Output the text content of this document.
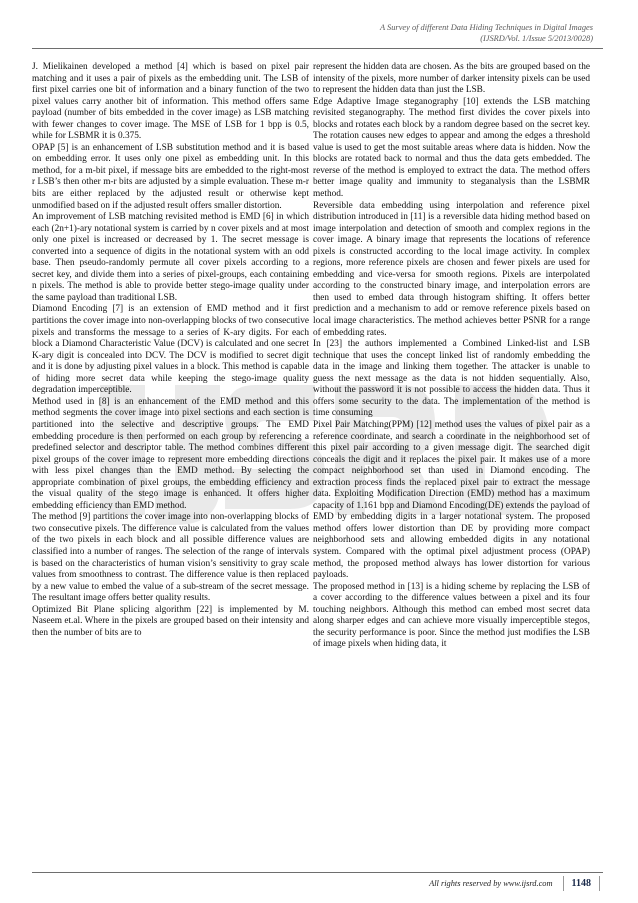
A Survey of different Data Hiding Techniques in Digital Images
(IJSRD/Vol. 1/Issue 5/2013/0028)

J. Mielikainen developed a method [4] which is based on pixel pair matching and it uses a pair of pixels as the embedding unit. The LSB of first pixel carries one bit of information and a binary function of the two pixel values carry another bit of information. This method offers same payload (number of bits embedded in the cover image) as LSB matching with fewer changes to cover image. The MSE of LSB for 1 bpp is 0.5, while for LSBMR it is 0.375.

OPAP [5] is an enhancement of LSB substitution method and it is based on embedding error. It uses only one pixel as embedding unit. In this method, for a m-bit pixel, if message bits are embedded to the right-most r LSB’s then other m-r bits are adjusted by a simple evaluation. These m-r bits are either replaced by the adjusted result or otherwise kept unmodified based on if the adjusted result offers smaller distortion.

An improvement of LSB matching revisited method is EMD [6] in which each (2n+1)-ary notational system is carried by n cover pixels and at most only one pixel is increased or decreased by 1. The secret message is converted into a sequence of digits in the notational system with an odd base. Then pseudo-randomly permute all cover pixels according to a secret key, and divide them into a series of pixel-groups, each containing n pixels. The method is able to provide better stego-image quality under the same payload than traditional LSB.

Diamond Encoding [7] is an extension of EMD method and it first partitions the cover image into non-overlapping blocks of two consecutive pixels and transforms the message to a series of K-ary digits. For each block a Diamond Characteristic Value (DCV) is calculated and one secret K-ary digit is concealed into DCV. The DCV is modified to secret digit and it is done by adjusting pixel values in a block. This method is capable of hiding more secret data while keeping the stego-image quality degradation imperceptible.

Method used in [8] is an enhancement of the EMD method and this method segments the cover image into pixel sections and each section is partitioned into the selective and descriptive groups. The EMD embedding procedure is then performed on each group by referencing a predefined selector and descriptor table. The method combines different pixel groups of the cover image to represent more embedding directions with less pixel changes than the EMD method. By selecting the appropriate combination of pixel groups, the embedding efficiency and the visual quality of the stego image is enhanced. It offers higher embedding efficiency than EMD method.

The method [9] partitions the cover image into non-overlapping blocks of two consecutive pixels. The difference value is calculated from the values of the two pixels in each block and all possible difference values are classified into a number of ranges. The selection of the range of intervals is based on the characteristics of human vision’s sensitivity to gray scale values from smoothness to contrast. The difference value is then replaced by a new value to embed the value of a sub-stream of the secret message. The resultant image offers better quality results.

Optimized Bit Plane splicing algorithm [22] is implemented by M. Naseem et.al. Where in the pixels are grouped based on their intensity and then the number of bits are to

represent the hidden data are chosen. As the bits are grouped based on the intensity of the pixels, more number of darker intensity pixels can be used to represent the hidden data than just the LSB.

Edge Adaptive Image steganography [10] extends the LSB matching revisited steganography. The method first divides the cover pixels into blocks and rotates each block by a random degree based on the secret key. The rotation causes new edges to appear and among the edges a threshold value is used to get the most suitable areas where data is hidden. Now the blocks are rotated back to normal and thus the data gets embedded. The reverse of the method is employed to extract the data. The method offers better image quality and immunity to steganalysis than the LSBMR method.

Reversible data embedding using interpolation and reference pixel distribution introduced in [11] is a reversible data hiding method based on image interpolation and detection of smooth and complex regions in the cover image. A binary image that represents the locations of reference pixels is constructed according to the local image activity. In complex regions, more reference pixels are chosen and fewer pixels are used for embedding and vice-versa for smooth regions. Pixels are interpolated according to the constructed binary image, and interpolation errors are then used to embed data through histogram shifting. It offers better prediction and a mechanism to add or remove reference pixels based on local image characteristics. The method achieves better PSNR for a range of embedding rates.

In [23] the authors implemented a Combined Linked-list and LSB technique that uses the concept linked list of randomly embedding the data in the image and linking them together. The attacker is unable to guess the next message as the data is not hidden sequentially. Also, without the password it is not possible to access the hidden data. Thus it offers some security to the data. The implementation of the method is time consuming

Pixel Pair Matching(PPM) [12] method uses the values of pixel pair as a reference coordinate, and search a coordinate in the neighborhood set of this pixel pair according to a given message digit. The searched digit conceals the digit and it replaces the pixel pair. It makes use of a more compact neighborhood set than used in Diamond encoding. The extraction process finds the replaced pixel pair to extract the message data. Exploiting Modification Direction (EMD) method has a maximum capacity of 1.161 bpp and Diamond Encoding(DE) extends the payload of EMD by embedding digits in a larger notational system. The proposed method offers lower distortion than DE by providing more compact neighborhood sets and allowing embedded digits in any notational system. Compared with the optimal pixel adjustment process (OPAP) method, the proposed method always has lower distortion for various payloads.

The proposed method in [13] is a hiding scheme by replacing the LSB of a cover according to the difference values between a pixel and its four touching neighbors. Although this method can embed most secret data along sharper edges and can achieve more visually imperceptible stegos, the security performance is poor. Since the method just modifies the LSB of image pixels when hiding data, it

All rights reserved by www.ijsrd.com	1148
